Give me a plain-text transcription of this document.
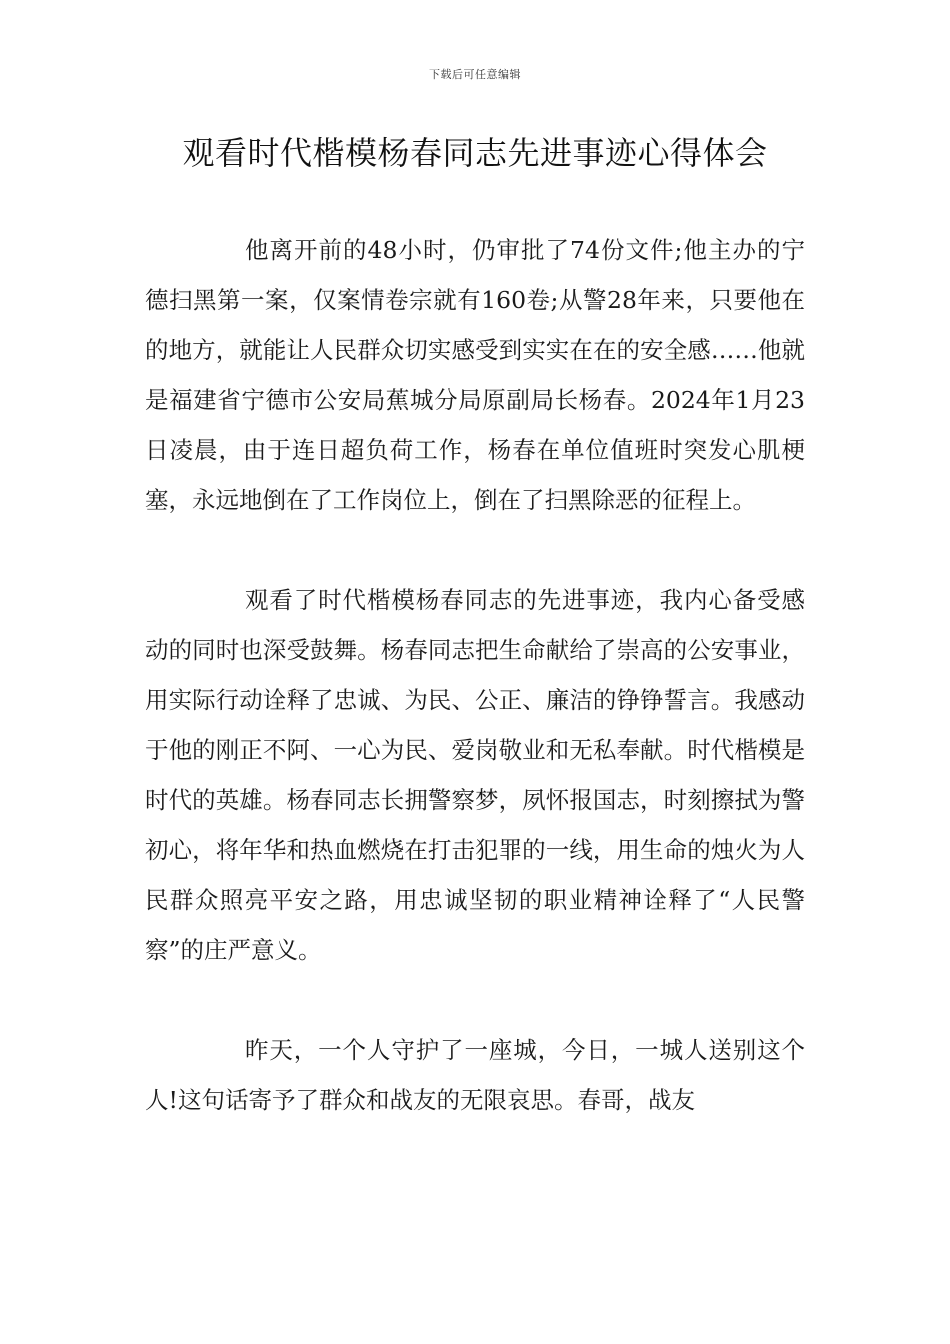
下载后可任意编辑
观看时代楷模杨春同志先进事迹心得体会

他离开前的48小时，仍审批了74份文件;他主办的宁德扫黑第一案，仅案情卷宗就有160卷;从警28年来，只要他在的地方，就能让人民群众切实感受到实实在在的安全感……他就是福建省宁德市公安局蕉城分局原副局长杨春。2024年1月23日凌晨，由于连日超负荷工作，杨春在单位值班时突发心肌梗塞，永远地倒在了工作岗位上，倒在了扫黑除恶的征程上。

观看了时代楷模杨春同志的先进事迹，我内心备受感动的同时也深受鼓舞。杨春同志把生命献给了崇高的公安事业，用实际行动诠释了忠诚、为民、公正、廉洁的铮铮誓言。我感动于他的刚正不阿、一心为民、爱岗敬业和无私奉献。时代楷模是时代的英雄。杨春同志长拥警察梦，夙怀报国志，时刻擦拭为警初心，将年华和热血燃烧在打击犯罪的一线，用生命的烛火为人民群众照亮平安之路，用忠诚坚韧的职业精神诠释了“人民警察”的庄严意义。

昨天，一个人守护了一座城，今日，一城人送别这个人!这句话寄予了群众和战友的无限哀思。春哥，战友
